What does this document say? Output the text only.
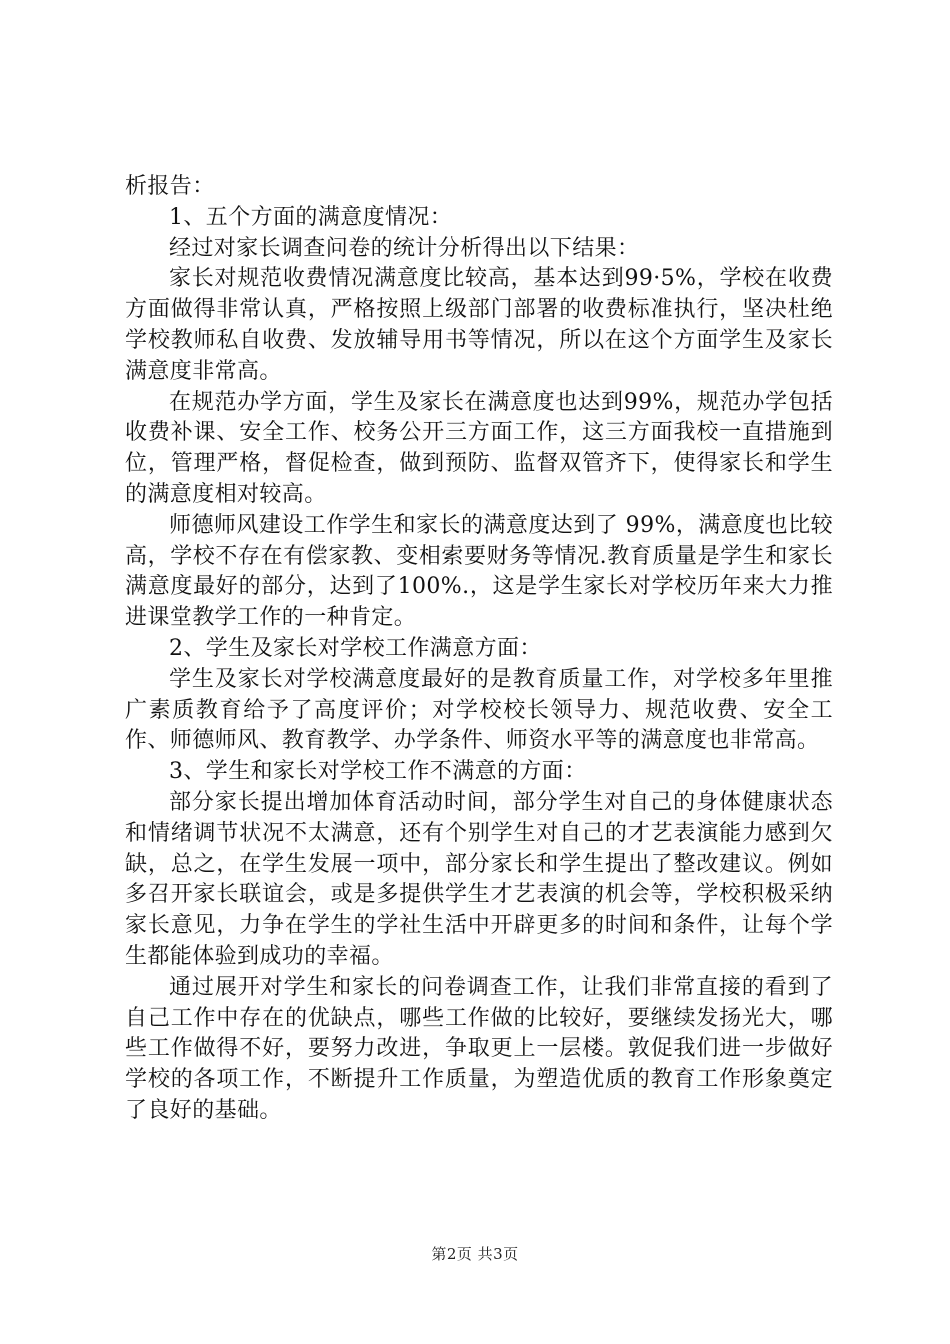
析报告：

1、五个方面的满意度情况：

经过对家长调查问卷的统计分析得出以下结果：

家长对规范收费情况满意度比较高，基本达到99·5%，学校在收费方面做得非常认真，严格按照上级部门部署的收费标准执行，坚决杜绝学校教师私自收费、发放辅导用书等情况，所以在这个方面学生及家长满意度非常高。

在规范办学方面，学生及家长在满意度也达到99%，规范办学包括收费补课、安全工作、校务公开三方面工作，这三方面我校一直措施到位，管理严格，督促检查，做到预防、监督双管齐下，使得家长和学生的满意度相对较高。

师德师风建设工作学生和家长的满意度达到了 99%，满意度也比较高，学校不存在有偿家教、变相索要财务等情况.教育质量是学生和家长满意度最好的部分，达到了100%.，这是学生家长对学校历年来大力推进课堂教学工作的一种肯定。

2、学生及家长对学校工作满意方面：

学生及家长对学校满意度最好的是教育质量工作，对学校多年里推广素质教育给予了高度评价；对学校校长领导力、规范收费、安全工作、师德师风、教育教学、办学条件、师资水平等的满意度也非常高。

3、学生和家长对学校工作不满意的方面：

部分家长提出增加体育活动时间，部分学生对自己的身体健康状态和情绪调节状况不太满意，还有个别学生对自己的才艺表演能力感到欠缺，总之，在学生发展一项中，部分家长和学生提出了整改建议。例如多召开家长联谊会，或是多提供学生才艺表演的机会等，学校积极采纳家长意见，力争在学生的学社生活中开辟更多的时间和条件，让每个学生都能体验到成功的幸福。

通过展开对学生和家长的问卷调查工作，让我们非常直接的看到了自己工作中存在的优缺点，哪些工作做的比较好，要继续发扬光大，哪些工作做得不好，要努力改进，争取更上一层楼。敦促我们进一步做好学校的各项工作，不断提升工作质量，为塑造优质的教育工作形象奠定了良好的基础。

第2页 共3页
